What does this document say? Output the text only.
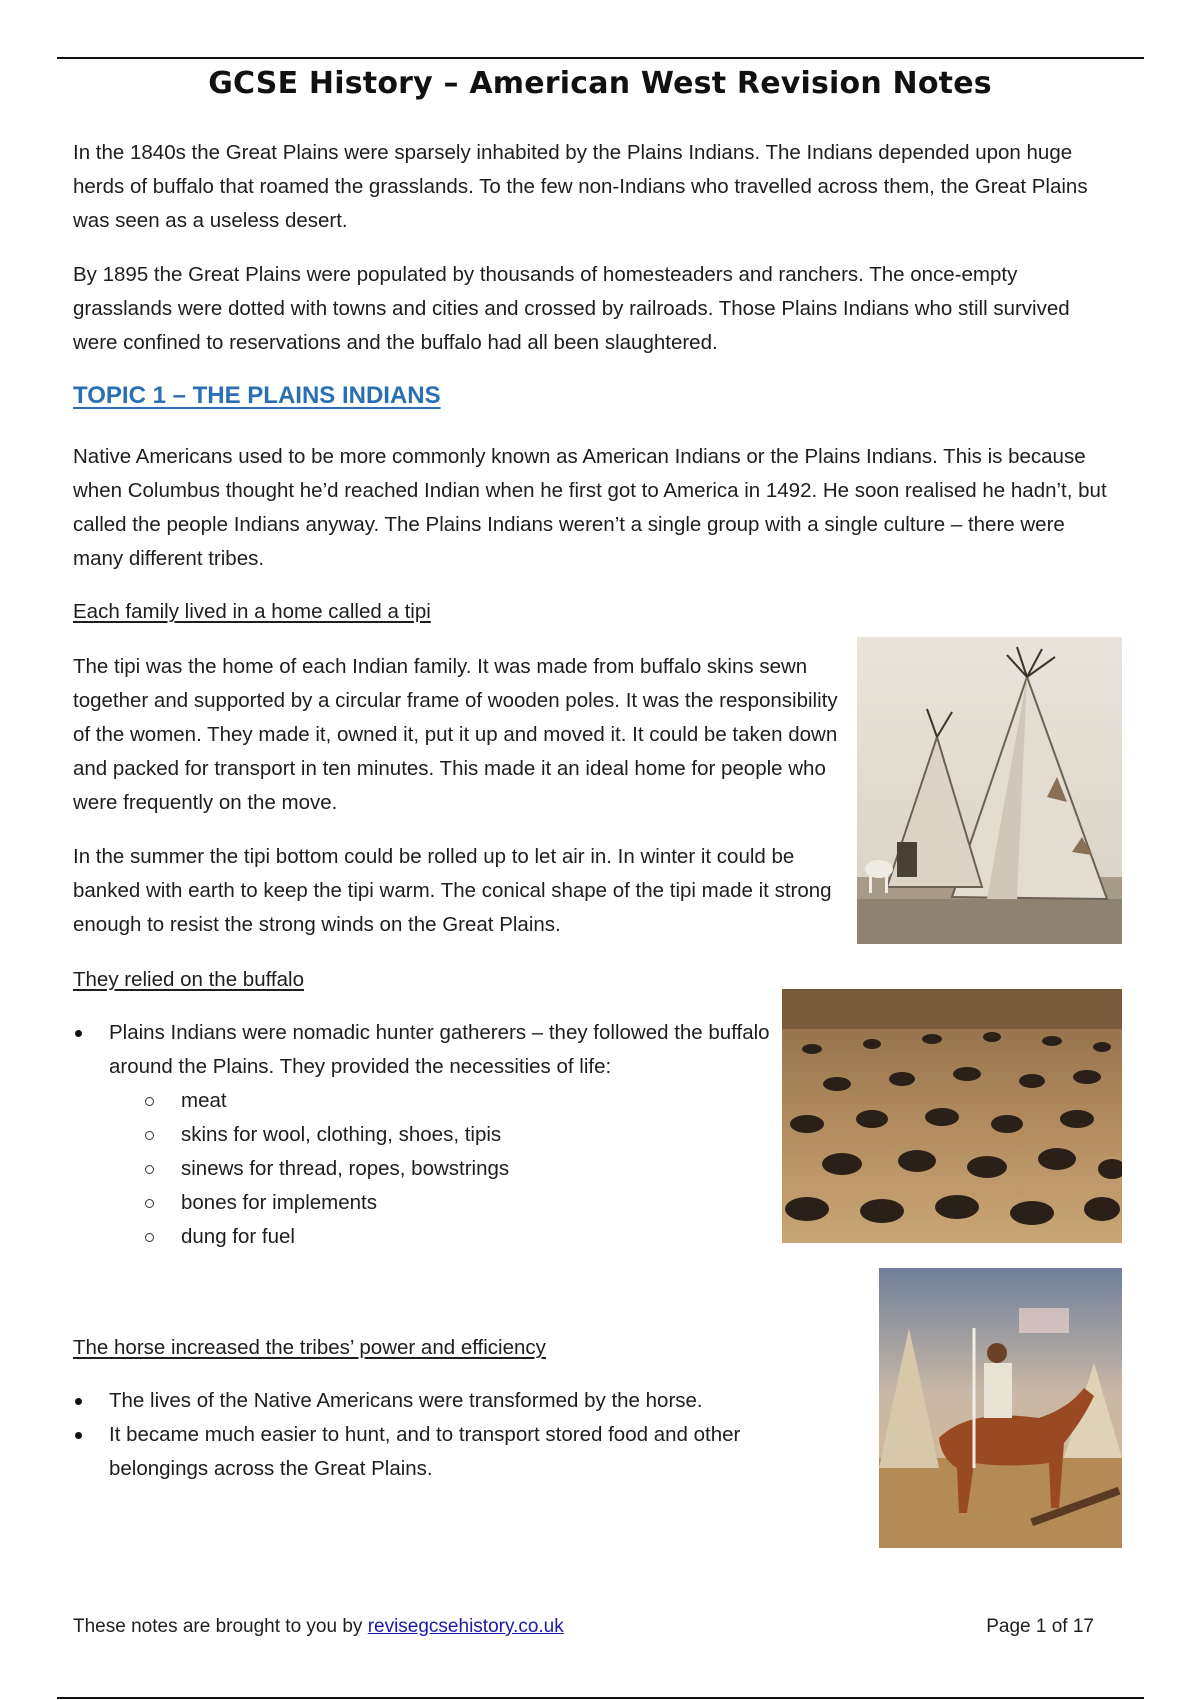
GCSE History – American West Revision Notes

In the 1840s the Great Plains were sparsely inhabited by the Plains Indians. The Indians depended upon huge herds of buffalo that roamed the grasslands. To the few non-Indians who travelled across them, the Great Plains was seen as a useless desert.

By 1895 the Great Plains were populated by thousands of homesteaders and ranchers. The once-empty grasslands were dotted with towns and cities and crossed by railroads. Those Plains Indians who still survived were confined to reservations and the buffalo had all been slaughtered.

TOPIC 1 – THE PLAINS INDIANS

Native Americans used to be more commonly known as American Indians or the Plains Indians. This is because when Columbus thought he’d reached Indian when he first got to America in 1492. He soon realised he hadn’t, but called the people Indians anyway. The Plains Indians weren’t a single group with a single culture – there were many different tribes.

Each family lived in a home called a tipi

The tipi was the home of each Indian family. It was made from buffalo skins sewn together and supported by a circular frame of wooden poles. It was the responsibility of the women. They made it, owned it, put it up and moved it. It could be taken down and packed for transport in ten minutes. This made it an ideal home for people who were frequently on the move.

In the summer the tipi bottom could be rolled up to let air in. In winter it could be banked with earth to keep the tipi warm. The conical shape of the tipi made it strong enough to resist the strong winds on the Great Plains.

They relied on the buffalo
Plains Indians were nomadic hunter gatherers – they followed the buffalo around the Plains. They provided the necessities of life:
meat
skins for wool, clothing, shoes, tipis
sinews for thread, ropes, bowstrings
bones for implements
dung for fuel
The horse increased the tribes’ power and efficiency
The lives of the Native Americans were transformed by the horse.
It became much easier to hunt, and to transport stored food and other belongings across the Great Plains.
These notes are brought to you by revisegcsehistory.co.uk	Page 1 of 17
